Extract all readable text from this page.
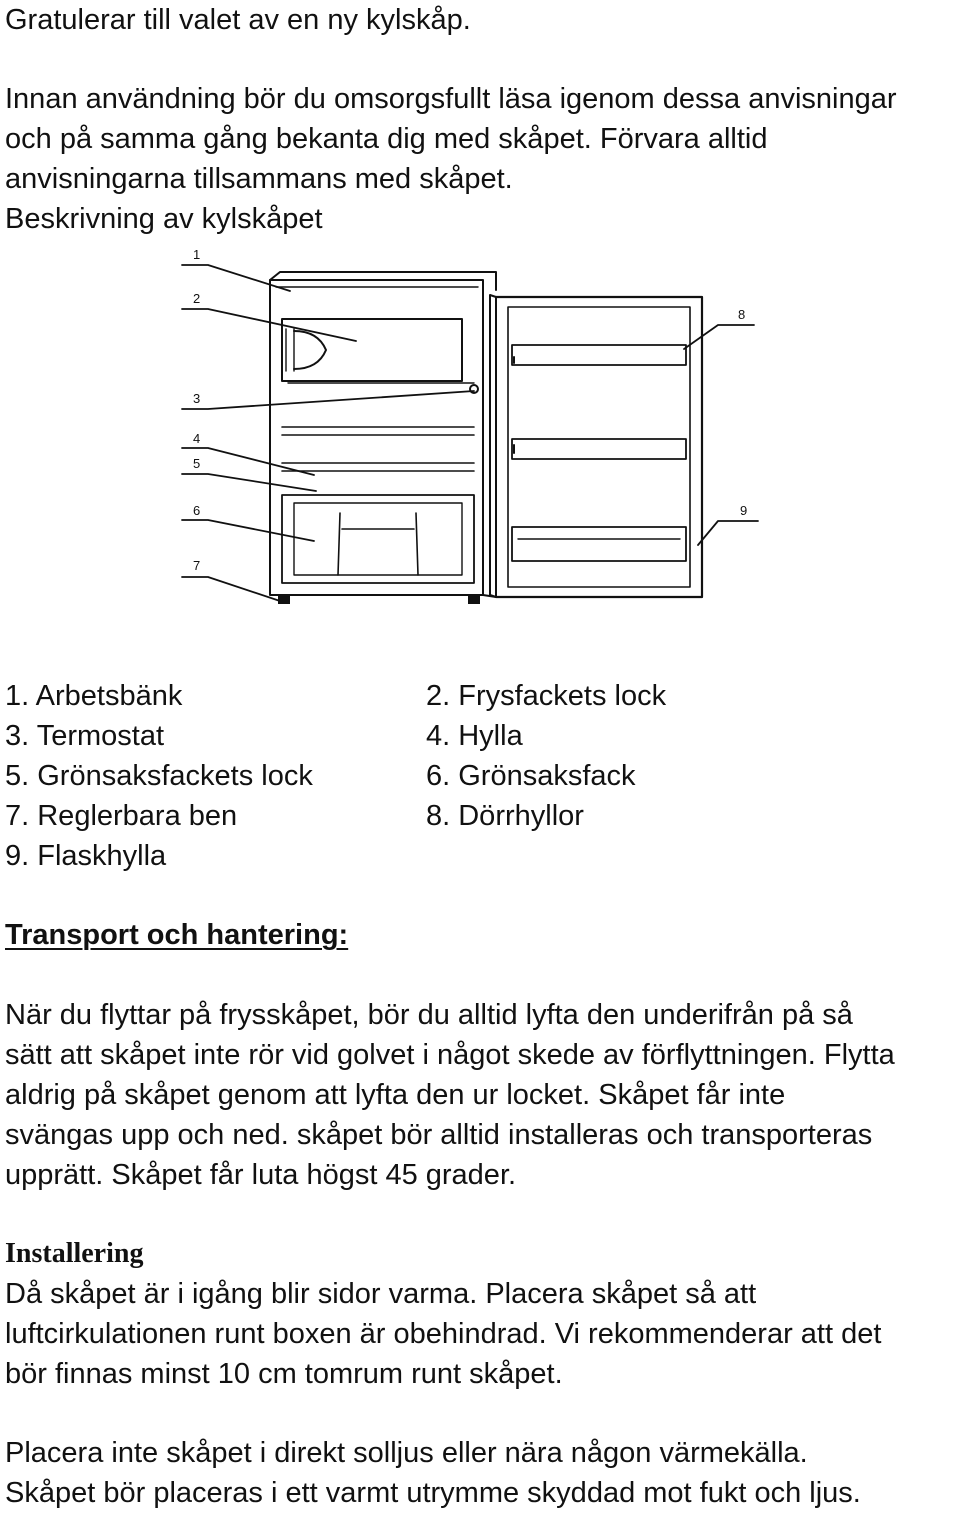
Gratulerar till valet av en ny kylskåp.

Innan användning bör du omsorgsfullt läsa igenom dessa anvisningar

och på samma gång bekanta dig med skåpet. Förvara alltid

anvisningarna tillsammans med skåpet.

Beskrivning av kylskåpet

1
2
3
4
5
6
7
8
9
1. Arbetsbänk	2. Frysfackets lock
3. Termostat	4. Hylla
5. Grönsaksfackets lock	6. Grönsaksfack
7. Reglerbara ben	8. Dörrhyllor
9. Flaskhylla

Transport och hantering:

När du flyttar på frysskåpet, bör du alltid lyfta den underifrån på så

sätt att skåpet inte rör vid golvet i något skede av förflyttningen. Flytta

aldrig på skåpet genom att lyfta den ur locket. Skåpet får inte

svängas upp och ned. skåpet bör alltid installeras och transporteras

upprätt. Skåpet får luta högst 45 grader.

Installering

Då skåpet är i igång blir sidor varma. Placera skåpet så att

luftcirkulationen runt boxen är obehindrad. Vi rekommenderar att det

bör finnas minst 10 cm tomrum runt skåpet.

Placera inte skåpet i direkt solljus eller nära någon värmekälla.

Skåpet bör placeras i ett varmt utrymme skyddad mot fukt och ljus.
